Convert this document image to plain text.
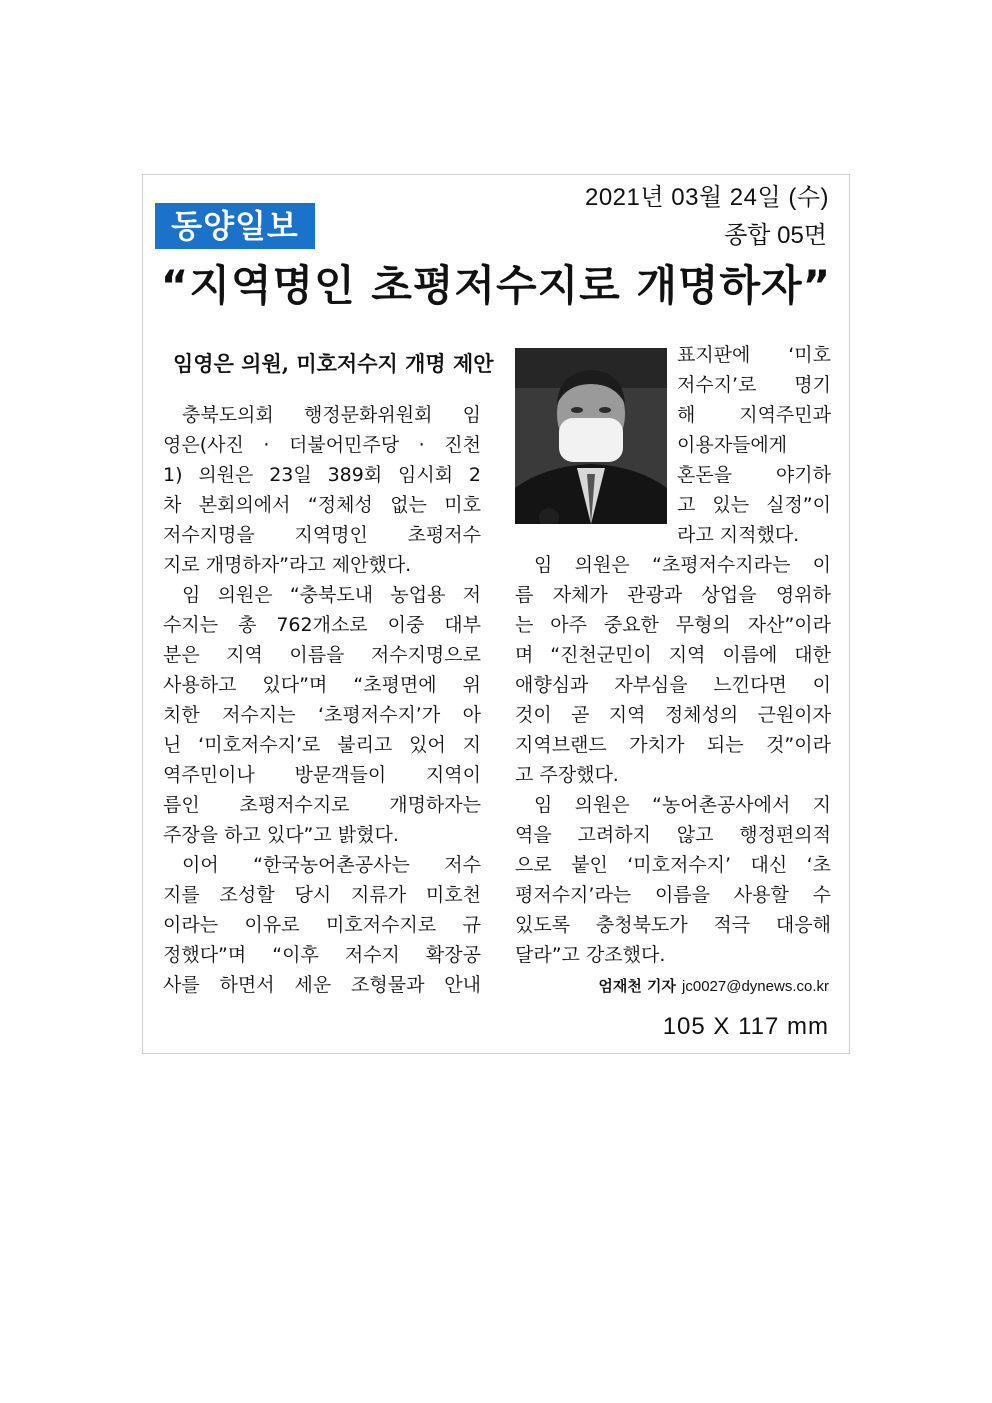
2021년 03월 24일 (수)
종합 05면
동양일보
“지역명인 초평저수지로 개명하자”
임영은 의원, 미호저수지 개명 제안
충북도의회 행정문화위원회 임
영은(사진 · 더불어민주당 · 진천
1) 의원은 23일 389회 임시회 2
차 본회의에서 “정체성 없는 미호
저수지명을 지역명인 초평저수
지로 개명하자”라고 제안했다.
임 의원은 “충북도내 농업용 저
수지는 총 762개소로 이중 대부
분은 지역 이름을 저수지명으로
사용하고 있다”며 “초평면에 위
치한 저수지는 ‘초평저수지’가 아
닌 ‘미호저수지’로 불리고 있어 지
역주민이나 방문객들이 지역이
름인 초평저수지로 개명하자는
주장을 하고 있다”고 밝혔다.
이어 “한국농어촌공사는 저수
지를 조성할 당시 지류가 미호천
이라는 이유로 미호저수지로 규
정했다”며 “이후 저수지 확장공
사를 하면서 세운 조형물과 안내
표지판에 ‘미호
저수지’로 명기
해 지역주민과
이용자들에게
혼돈을 야기하
고 있는 실정”이
라고 지적했다.
임 의원은 “초평저수지라는 이
름 자체가 관광과 상업을 영위하
는 아주 중요한 무형의 자산”이라
며 “진천군민이 지역 이름에 대한
애향심과 자부심을 느낀다면 이
것이 곧 지역 정체성의 근원이자
지역브랜드 가치가 되는 것”이라
고 주장했다.
임 의원은 “농어촌공사에서 지
역을 고려하지 않고 행정편의적
으로 붙인 ‘미호저수지’ 대신 ‘초
평저수지’라는 이름을 사용할 수
있도록 충청북도가 적극 대응해
달라”고 강조했다.
엄재천 기자 jc0027@dynews.co.kr
105 X 117 mm
